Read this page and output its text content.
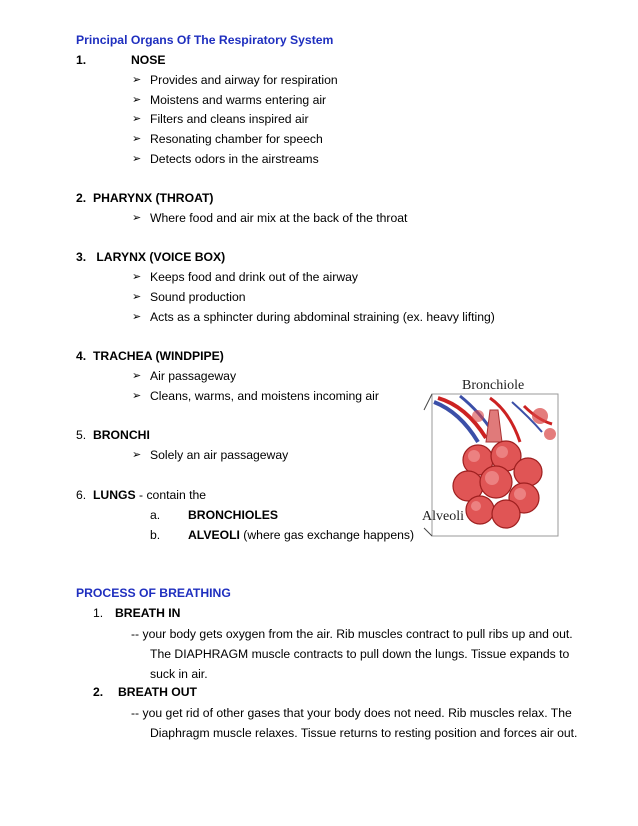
Principal Organs Of The Respiratory System
1.	NOSE
➢ Provides and airway for respiration
➢ Moistens and warms entering air
➢ Filters and cleans inspired air
➢ Resonating chamber for speech
➢ Detects odors in the airstreams
2. PHARYNX (THROAT)
➢ Where food and air mix at the back of the throat
3. LARYNX (VOICE BOX)
➢ Keeps food and drink out of the airway
➢ Sound production
➢ Acts as a sphincter during abdominal straining (ex. heavy lifting)
4. TRACHEA (WINDPIPE)
➢ Air passageway
➢ Cleans, warms, and moistens incoming air
5. BRONCHI
➢ Solely an air passageway
6. LUNGS - contain the
a. BRONCHIOLES
b. ALVEOLI (where gas exchange happens)
Bronchiole
Alveoli
PROCESS OF BREATHING
1. BREATH IN
-- your body gets oxygen from the air. Rib muscles contract to pull ribs up and out.
The DIAPHRAGM muscle contracts to pull down the lungs. Tissue expands to
suck in air.
2. BREATH OUT
-- you get rid of other gases that your body does not need. Rib muscles relax. The
Diaphragm muscle relaxes. Tissue returns to resting position and forces air out.
